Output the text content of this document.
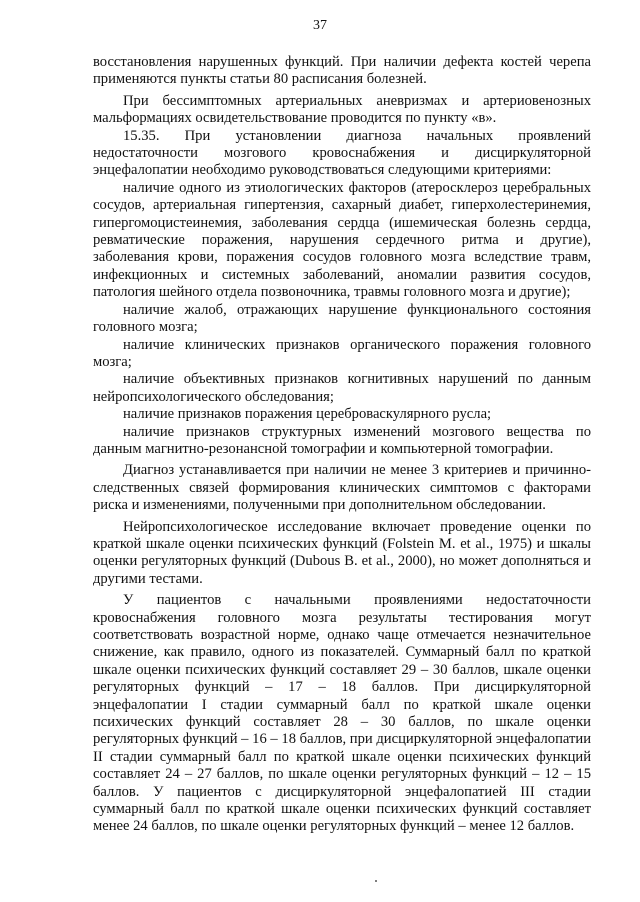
37

восстановления нарушенных функций. При наличии дефекта костей черепа применяются пункты статьи 80 расписания болезней.

При бессимптомных артериальных аневризмах и артериовенозных мальформациях освидетельствование проводится по пункту «в».

15.35. При установлении диагноза начальных проявлений недостаточности мозгового кровоснабжения и дисциркуляторной энцефалопатии необходимо руководствоваться следующими критериями:

наличие одного из этиологических факторов (атеросклероз церебральных сосудов, артериальная гипертензия, сахарный диабет, гиперхолестеринемия, гипергомоцистеинемия, заболевания сердца (ишемическая болезнь сердца, ревматические поражения, нарушения сердечного ритма и другие), заболевания крови, поражения сосудов головного мозга вследствие травм, инфекционных и системных заболеваний, аномалии развития сосудов, патология шейного отдела позвоночника, травмы головного мозга и другие);

наличие жалоб, отражающих нарушение функционального состояния головного мозга;

наличие клинических признаков органического поражения головного мозга;

наличие объективных признаков когнитивных нарушений по данным нейропсихологического обследования;

наличие признаков поражения цереброваскулярного русла;

наличие признаков структурных изменений мозгового вещества по данным магнитно-резонансной томографии и компьютерной томографии.

Диагноз устанавливается при наличии не менее 3 критериев и причинно-следственных связей формирования клинических симптомов с факторами риска и изменениями, полученными при дополнительном обследовании.

Нейропсихологическое исследование включает проведение оценки по краткой шкале оценки психических функций (Folstein M. et al., 1975) и шкалы оценки регуляторных функций (Dubous B. et al., 2000), но может дополняться и другими тестами.

У пациентов с начальными проявлениями недостаточности кровоснабжения головного мозга результаты тестирования могут соответствовать возрастной норме, однако чаще отмечается незначительное снижение, как правило, одного из показателей. Суммарный балл по краткой шкале оценки психических функций составляет 29 – 30 баллов, шкале оценки регуляторных функций – 17 – 18 баллов. При дисциркуляторной энцефалопатии I стадии суммарный балл по краткой шкале оценки психических функций составляет 28 – 30 баллов, по шкале оценки регуляторных функций – 16 – 18 баллов, при дисциркуляторной энцефалопатии II стадии суммарный балл по краткой шкале оценки психических функций составляет 24 – 27 баллов, по шкале оценки регуляторных функций – 12 – 15 баллов. У пациентов с дисциркуляторной энцефалопатией III стадии суммарный балл по краткой шкале оценки психических функций составляет менее 24 баллов, по шкале оценки регуляторных функций – менее 12 баллов.
